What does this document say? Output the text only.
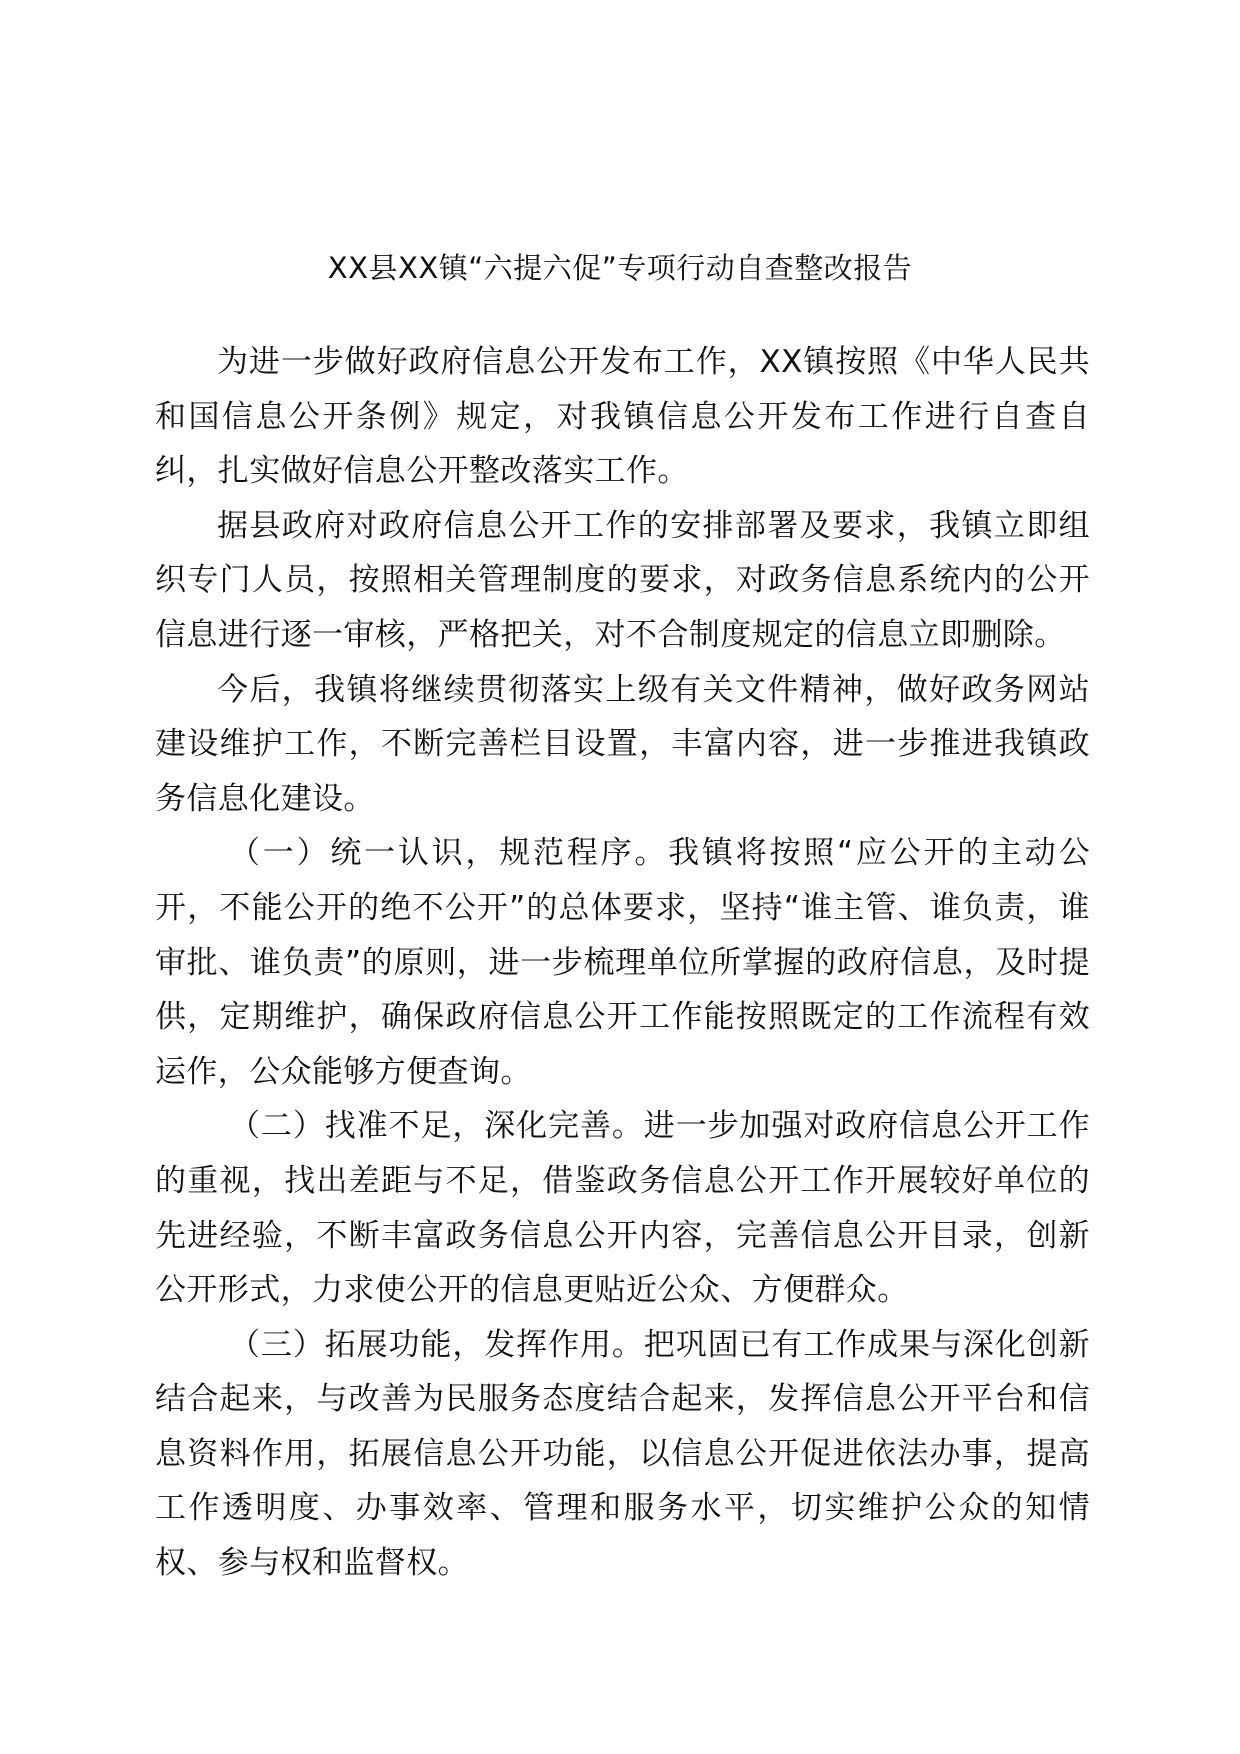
XX县XX镇“六提六促”专项行动自查整改报告

为进一步做好政府信息公开发布工作，XX镇按照《中华人民共和国信息公开条例》规定，对我镇信息公开发布工作进行自查自纠，扎实做好信息公开整改落实工作。

据县政府对政府信息公开工作的安排部署及要求，我镇立即组织专门人员，按照相关管理制度的要求，对政务信息系统内的公开信息进行逐一审核，严格把关，对不合制度规定的信息立即删除。

今后，我镇将继续贯彻落实上级有关文件精神，做好政务网站建设维护工作，不断完善栏目设置，丰富内容，进一步推进我镇政务信息化建设。

（一）统一认识，规范程序。我镇将按照“应公开的主动公开，不能公开的绝不公开”的总体要求，坚持“谁主管、谁负责，谁审批、谁负责”的原则，进一步梳理单位所掌握的政府信息，及时提供，定期维护，确保政府信息公开工作能按照既定的工作流程有效运作，公众能够方便查询。

（二）找准不足，深化完善。进一步加强对政府信息公开工作的重视，找出差距与不足，借鉴政务信息公开工作开展较好单位的先进经验，不断丰富政务信息公开内容，完善信息公开目录，创新公开形式，力求使公开的信息更贴近公众、方便群众。

（三）拓展功能，发挥作用。把巩固已有工作成果与深化创新结合起来，与改善为民服务态度结合起来，发挥信息公开平台和信息资料作用，拓展信息公开功能，以信息公开促进依法办事，提高工作透明度、办事效率、管理和服务水平，切实维护公众的知情权、参与权和监督权。
